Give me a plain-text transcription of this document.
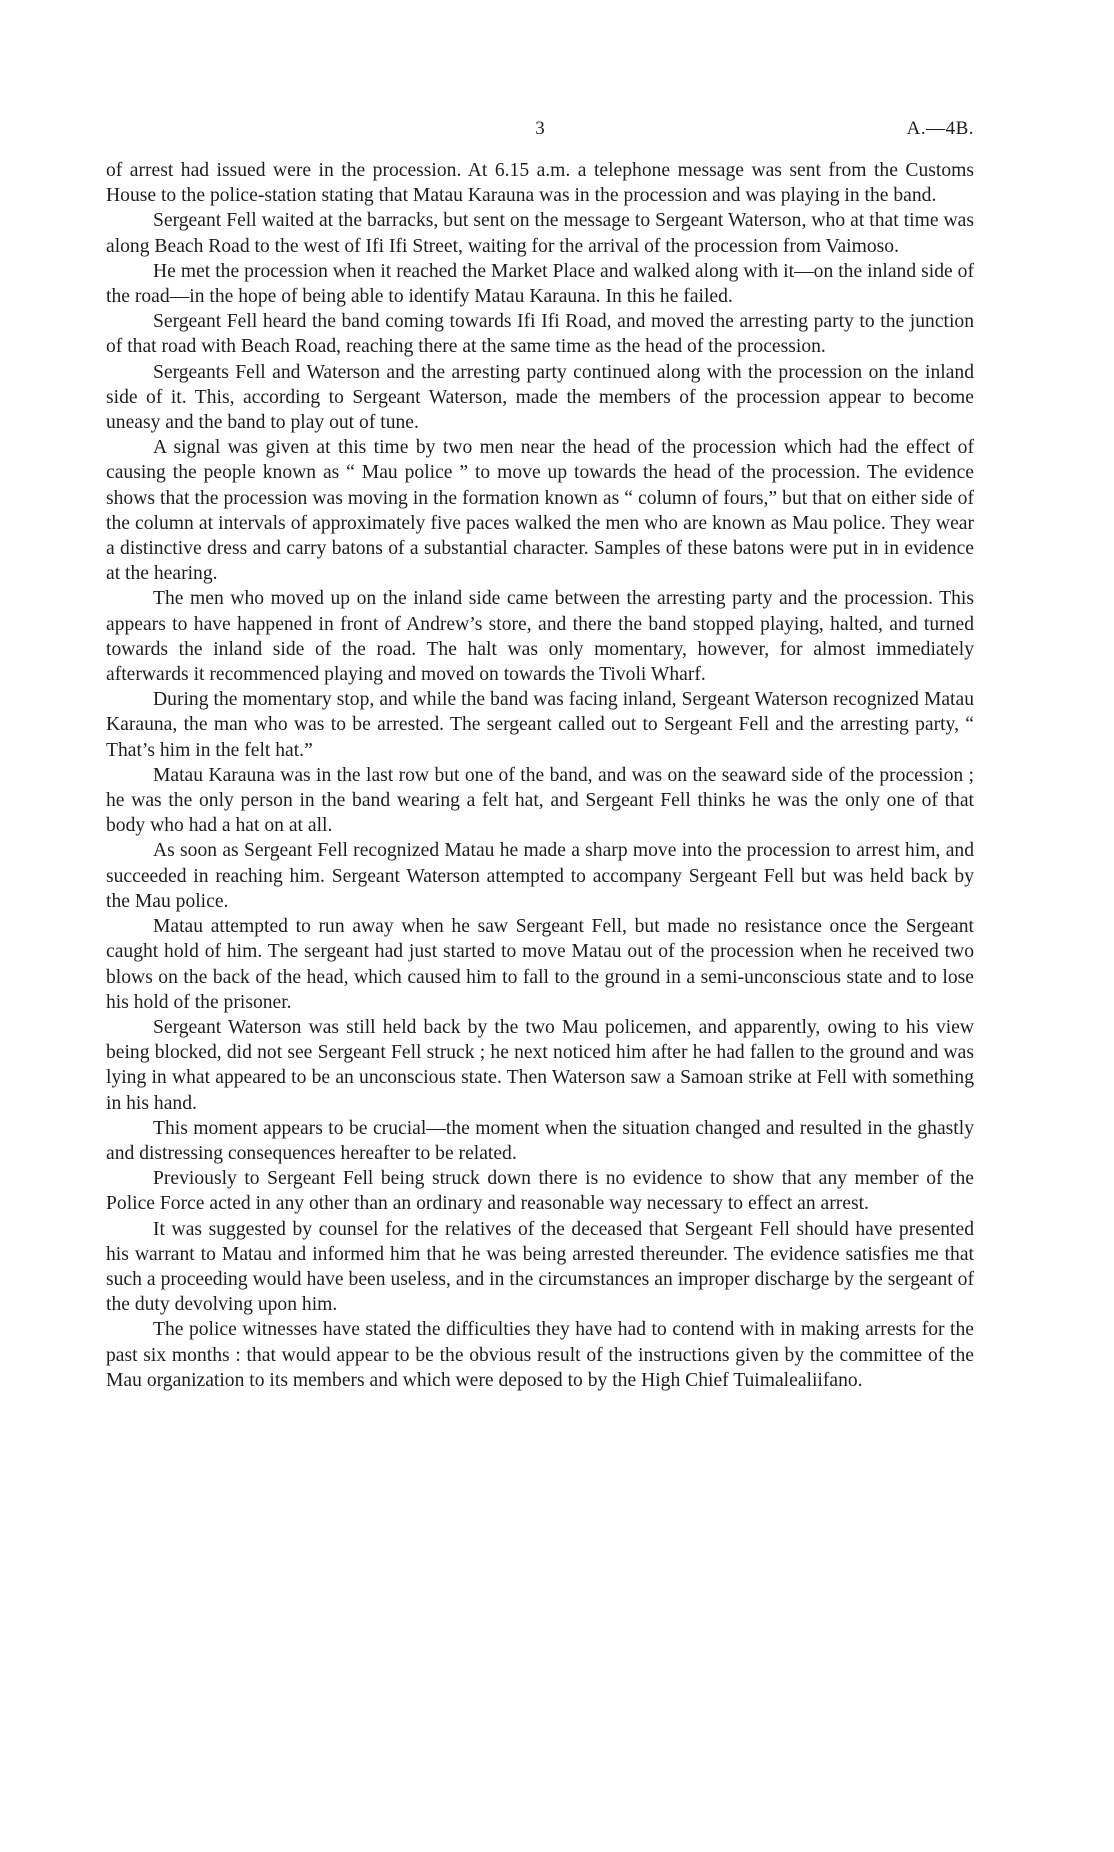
3	A.—4B.

of arrest had issued were in the procession. At 6.15 a.m. a telephone message was sent from the Customs House to the police-station stating that Matau Karauna was in the procession and was playing in the band.

Sergeant Fell waited at the barracks, but sent on the message to Sergeant Waterson, who at that time was along Beach Road to the west of Ifi Ifi Street, waiting for the arrival of the procession from Vaimoso.

He met the procession when it reached the Market Place and walked along with it—on the inland side of the road—in the hope of being able to identify Matau Karauna. In this he failed.

Sergeant Fell heard the band coming towards Ifi Ifi Road, and moved the arresting party to the junction of that road with Beach Road, reaching there at the same time as the head of the procession.

Sergeants Fell and Waterson and the arresting party continued along with the procession on the inland side of it. This, according to Sergeant Waterson, made the members of the procession appear to become uneasy and the band to play out of tune.

A signal was given at this time by two men near the head of the procession which had the effect of causing the people known as “ Mau police ” to move up towards the head of the procession. The evidence shows that the procession was moving in the formation known as “ column of fours,” but that on either side of the column at intervals of approximately five paces walked the men who are known as Mau police. They wear a distinctive dress and carry batons of a substantial character. Samples of these batons were put in in evidence at the hearing.

The men who moved up on the inland side came between the arresting party and the procession. This appears to have happened in front of Andrew’s store, and there the band stopped playing, halted, and turned towards the inland side of the road. The halt was only momentary, however, for almost immediately afterwards it recommenced playing and moved on towards the Tivoli Wharf.

During the momentary stop, and while the band was facing inland, Sergeant Waterson recognized Matau Karauna, the man who was to be arrested. The sergeant called out to Sergeant Fell and the arresting party, “ That’s him in the felt hat.”

Matau Karauna was in the last row but one of the band, and was on the seaward side of the procession ; he was the only person in the band wearing a felt hat, and Sergeant Fell thinks he was the only one of that body who had a hat on at all.

As soon as Sergeant Fell recognized Matau he made a sharp move into the procession to arrest him, and succeeded in reaching him. Sergeant Waterson attempted to accompany Sergeant Fell but was held back by the Mau police.

Matau attempted to run away when he saw Sergeant Fell, but made no resistance once the Sergeant caught hold of him. The sergeant had just started to move Matau out of the procession when he received two blows on the back of the head, which caused him to fall to the ground in a semi-unconscious state and to lose his hold of the prisoner.

Sergeant Waterson was still held back by the two Mau policemen, and apparently, owing to his view being blocked, did not see Sergeant Fell struck ; he next noticed him after he had fallen to the ground and was lying in what appeared to be an unconscious state. Then Waterson saw a Samoan strike at Fell with something in his hand.

This moment appears to be crucial—the moment when the situation changed and resulted in the ghastly and distressing consequences hereafter to be related.

Previously to Sergeant Fell being struck down there is no evidence to show that any member of the Police Force acted in any other than an ordinary and reasonable way necessary to effect an arrest.

It was suggested by counsel for the relatives of the deceased that Sergeant Fell should have presented his warrant to Matau and informed him that he was being arrested thereunder. The evidence satisfies me that such a proceeding would have been useless, and in the circumstances an improper discharge by the sergeant of the duty devolving upon him.

The police witnesses have stated the difficulties they have had to contend with in making arrests for the past six months : that would appear to be the obvious result of the instructions given by the committee of the Mau organization to its members and which were deposed to by the High Chief Tuimalealiifano.
